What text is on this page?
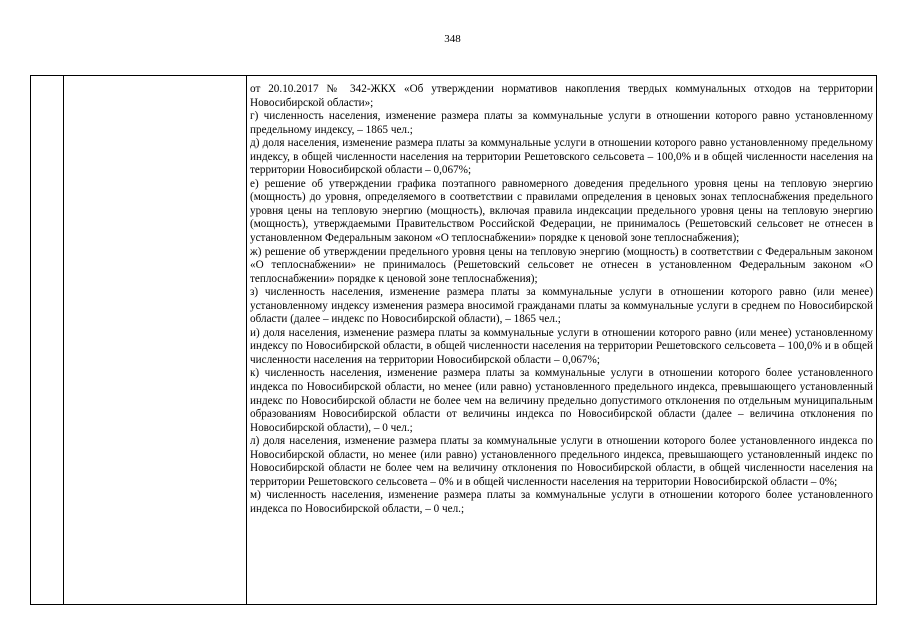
348

от 20.10.2017 № 342-ЖКХ «Об утверждении нормативов накопления твердых коммунальных отходов на территории Новосибирской области»;

г) численность населения, изменение размера платы за коммунальные услуги в отношении которого равно установленному предельному индексу, – 1865 чел.;

д) доля населения, изменение размера платы за коммунальные услуги в отношении которого равно установленному предельному индексу, в общей численности населения на территории Решетовского сельсовета – 100,0% и в общей численности населения на территории Новосибирской области – 0,067%;

е) решение об утверждении графика поэтапного равномерного доведения предельного уровня цены на тепловую энергию (мощность) до уровня, определяемого в соответствии с правилами определения в ценовых зонах теплоснабжения предельного уровня цены на тепловую энергию (мощность), включая правила индексации предельного уровня цены на тепловую энергию (мощность), утверждаемыми Правительством Российской Федерации, не принималось (Решетовский сельсовет не отнесен в установленном Федеральным законом «О теплоснабжении» порядке к ценовой зоне теплоснабжения);

ж) решение об утверждении предельного уровня цены на тепловую энергию (мощность) в соответствии с Федеральным законом «О теплоснабжении» не принималось (Решетовский сельсовет не отнесен в установленном Федеральным законом «О теплоснабжении» порядке к ценовой зоне теплоснабжения);

з) численность населения, изменение размера платы за коммунальные услуги в отношении которого равно (или менее) установленному индексу изменения размера вносимой гражданами платы за коммунальные услуги в среднем по Новосибирской области (далее – индекс по Новосибирской области), – 1865 чел.;

и) доля населения, изменение размера платы за коммунальные услуги в отношении которого равно (или менее) установленному индексу по Новосибирской области, в общей численности населения на территории Решетовского сельсовета – 100,0% и в общей численности населения на территории Новосибирской области – 0,067%;

к) численность населения, изменение размера платы за коммунальные услуги в отношении которого более установленного индекса по Новосибирской области, но менее (или равно) установленного предельного индекса, превышающего установленный индекс по Новосибирской области не более чем на величину предельно допустимого отклонения по отдельным муниципальным образованиям Новосибирской области от величины индекса по Новосибирской области (далее – величина отклонения по Новосибирской области), – 0 чел.;

л) доля населения, изменение размера платы за коммунальные услуги в отношении которого более установленного индекса по Новосибирской области, но менее (или равно) установленного предельного индекса, превышающего установленный индекс по Новосибирской области не более чем на величину отклонения по Новосибирской области, в общей численности населения на территории Решетовского сельсовета – 0% и в общей численности населения на территории Новосибирской области – 0%;

м) численность населения, изменение размера платы за коммунальные услуги в отношении которого более установленного индекса по Новосибирской области, – 0 чел.;
